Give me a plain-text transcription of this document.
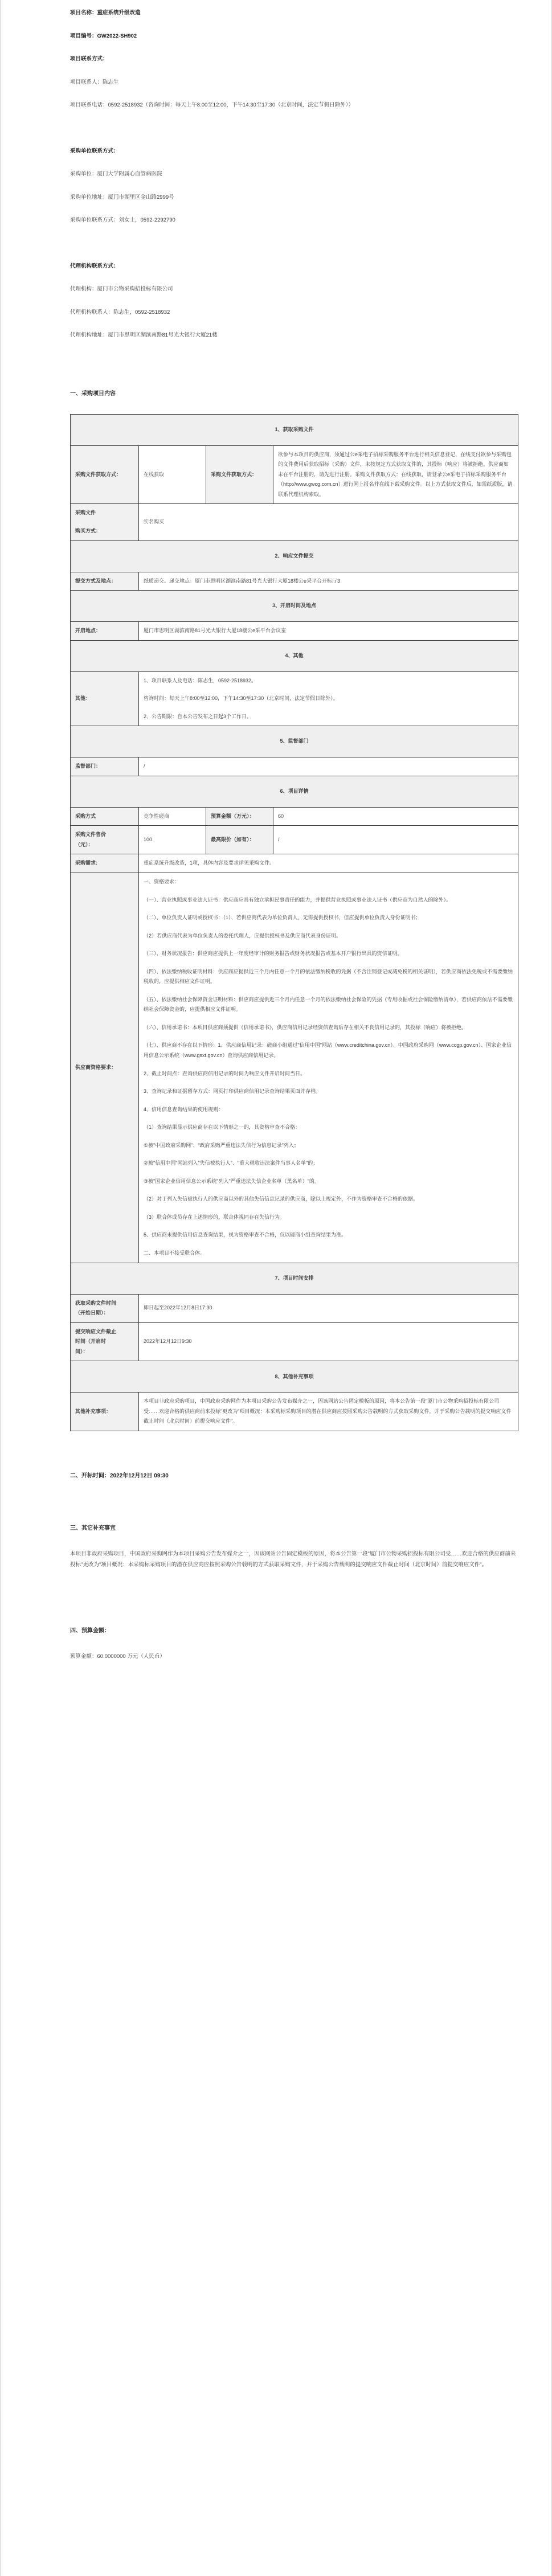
项目名称：重症系统升级改造
项目编号：GW2022-SH902
项目联系方式：
项目联系人：陈志生
项目联系电话：0592-2518932（咨询时间：每天上午8:00至12:00，下午14:30至17:30（北京时间，法定节假日除外））
采购单位联系方式：
采购单位：厦门大学附属心血管病医院
采购单位地址：厦门市湖里区金山路2999号
采购单位联系方式：刘女士，0592-2292790
代理机构联系方式：
代理机构：厦门市公物采购招投标有限公司
代理机构联系人：陈志生，0592-2518932
代理机构地址：厦门市思明区湖滨南路81号光大银行大厦21楼
一、采购项目内容
1、获取采购文件			
采购文件获取方式：	在线获取	采购文件获取方式：	欲参与本项目的供应商，须通过公e采电子招标采购服务平台进行相关信息登记、在线支付欲参与采购包的文件费用后获取招标（采购）文件，未按规定方式获取文件的，其投标（响应）将被拒绝。供应商如未在平台注册的，请先进行注册。采购文件获取方式：在线获取，请登录公e采电子招标采购服务平台（http://www.gwcg.com.cn）进行网上报名并在线下载采购文件。以上方式获取文件后，如需纸质版，请联系代理机构索取。

采购文件
购买方式：	实名购买		
2、响应文件提交			
提交方式及地点：	纸质递交。递交地点：厦门市思明区湖滨南路81号光大银行大厦18楼公e采平台开标厅3		
3、开启时间及地点			
开启地点：	厦门市思明区湖滨南路81号光大银行大厦18楼公e采平台会议室		
4、其他			
其他：	1、项目联系人及电话：陈志生，0592-2518932。

咨询时间：每天上午8:00至12:00，下午14:30至17:30（北京时间，法定节假日除外）。

2、公告期限：自本公告发布之日起3个工作日。		

5、监督部门			
监督部门：	/		
6、项目详情			
采购方式	竞争性磋商	预算金额（万元）：	60

采购文件售价
（元）：	100	最高限价（如有）：	/
采购需求:	重症系统升级改造，1项，具体内容及要求详见采购文件。		
供应商资格要求：	

一、资格要求：

（一）、营业执照或事业法人证书：供应商应具有独立承担民事责任的能力，并提供营业执照或事业法人证书（供应商为自然人的除外）。

（二）、单位负责人证明或授权书：（1）、若供应商代表为单位负责人，无需提供授权书，但应提供单位负责人身份证明书；

（2）若供应商代表为单位负责人的委托代理人，应提供授权书及供应商代表身份证明。

（三）、财务状况报告：供应商应提供上一年度经审计的财务报告或财务状况报告或基本开户银行出具的资信证明。

（四）、依法缴纳税收证明材料：供应商应提供近三个月内任意一个月的依法缴纳税收的凭据（不含注销登记或减免税的相关证明），若供应商依法免税或不需要缴纳税收的，应提供相应文件证明。

（五）、依法缴纳社会保障资金证明材料：供应商应提供近三个月内任意一个月的依法缴纳社会保险的凭据（专用收据或社会保险缴纳清单），若供应商依法不需要缴纳社会保障资金的，应提供相应文件证明。

（六）、信用承诺书：本项目供应商须提供《信用承诺书》，供应商信用记录经资信查询后存在相关不良信用记录的，其投标（响应）将被拒绝。

（七）、供应商不存在以下情形：1、供应商信用记录：磋商小组通过"信用中国"网站（www.creditchina.gov.cn）、中国政府采购网（www.ccgp.gov.cn）、国家企业信用信息公示系统（www.gsxt.gov.cn）查询供应商信用记录。

2、截止时间点：查询供应商信用记录的时间为响应文件开启时间当日。

3、查询记录和证据留存方式：网页打印供应商信用记录查询结果页面并存档。

4、信用信息查询结果的使用规则：

（1）查询结果显示供应商存在以下情形之一的，其资格审查不合格：

①被"中国政府采购网"、"政府采购严重违法失信行为信息记录"列入；

②被"信用中国"网站列入"失信被执行人"、"重大税收违法案件当事人名单"的；

③被"国家企业信用信息公示系统"列入"严重违法失信企业名单（黑名单）"的。

（2）对于列入失信被执行人的供应商以外的其他失信信息记录的供应商，除以上规定外，不作为资格审查不合格的依据。

（3）联合体成员存在上述情形的，联合体视同存在失信行为。

5、供应商未提供信用信息查询结果，视为资格审查不合格，仅以磋商小组查询结果为准。

二、本项目不接受联合体。

7、项目时间安排			

获取采购文件时间
（开始日期）：	即日起至2022年12月8日17:30		

提交响应文件截止
时间（开启时
间）：	2022年12月12日9:30		
8、其他补充事项			
其他补充事项：	本项目非政府采购项目，中国政府采购网作为本项目采购公告发布媒介之一，因该网站公告固定模板的原因，将本公告第一段"厦门市公物采购招投标有限公司受……欢迎合格的供应商前来投标"更改为"项目概况：本采购标采购项目的潜在供应商应按照采购公告载明的方式获取采购文件，并于采购公告载明的提交响应文件截止时间（北京时间）前提交响应文件"。		
二、开标时间：2022年12月12日 09:30
三、其它补充事宜
本项目非政府采购项目，中国政府采购网作为本项目采购公告发布媒介之一，因该网站公告固定模板的原因，将本公告第一段"厦门市公物采购招投标有限公司受……欢迎合格的供应商前来投标"更改为"项目概况：本采购标采购项目的潜在供应商应按照采购公告载明的方式获取采购文件，并于采购公告载明的提交响应文件截止时间（北京时间）前提交响应文件"。
四、预算金额：
预算金额：60.0000000 万元（人民币）
